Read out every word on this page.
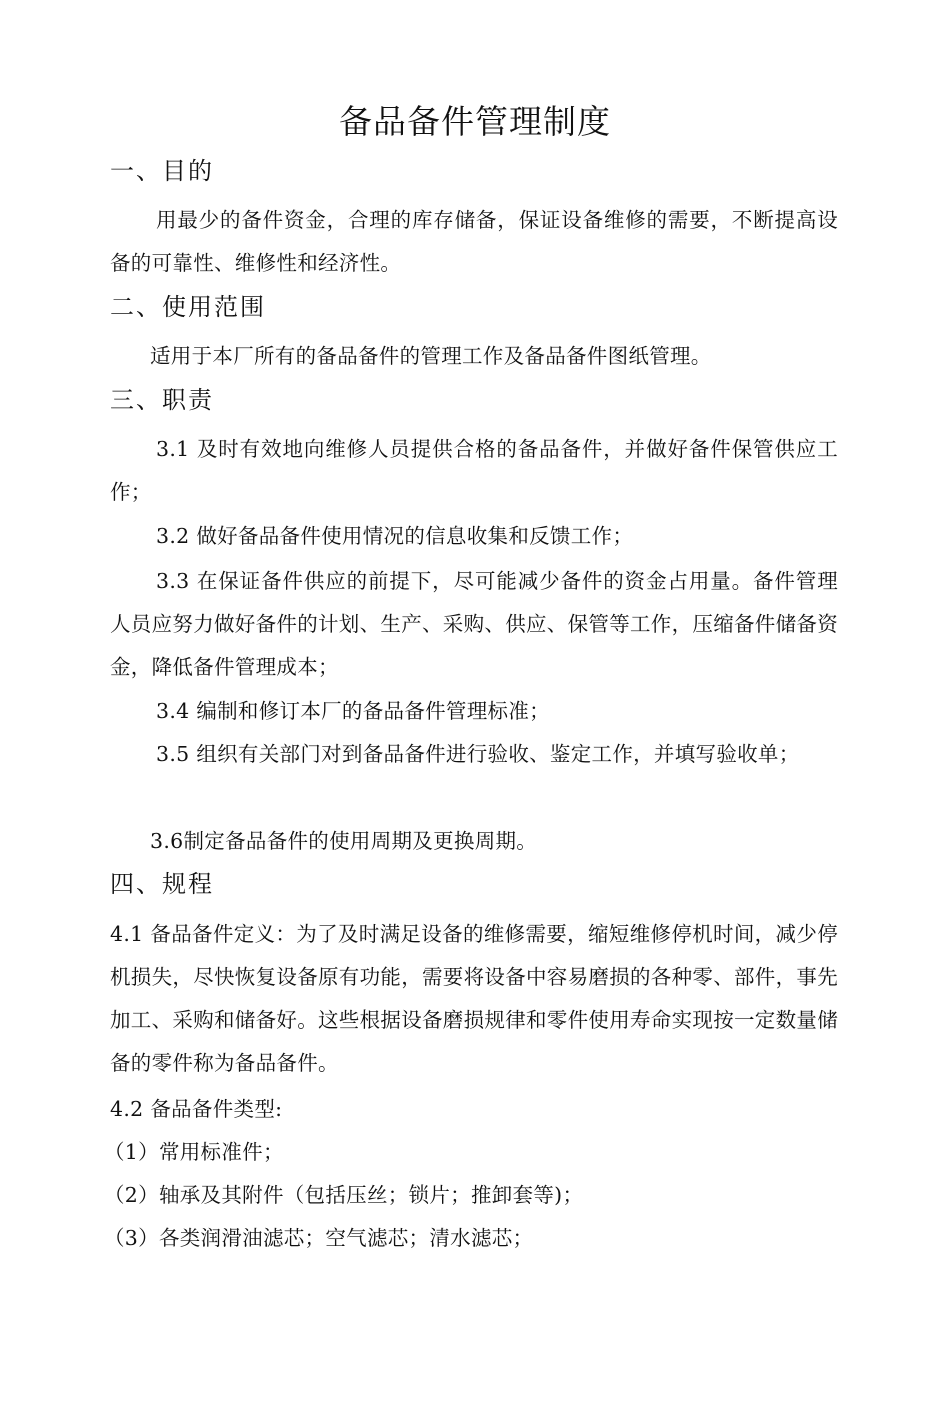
备品备件管理制度
一、目的
用最少的备件资金，合理的库存储备，保证设备维修的需要，不断提高设备的可靠性、维修性和经济性。
二、使用范围
适用于本厂所有的备品备件的管理工作及备品备件图纸管理。
三、职责
3.1 及时有效地向维修人员提供合格的备品备件，并做好备件保管供应工作；
3.2 做好备品备件使用情况的信息收集和反馈工作；
3.3 在保证备件供应的前提下，尽可能减少备件的资金占用量。备件管理人员应努力做好备件的计划、生产、采购、供应、保管等工作，压缩备件储备资金，降低备件管理成本；
3.4 编制和修订本厂的备品备件管理标准；
3.5 组织有关部门对到备品备件进行验收、鉴定工作，并填写验收单；
3.6制定备品备件的使用周期及更换周期。
四、规程
4.1 备品备件定义：为了及时满足设备的维修需要，缩短维修停机时间，减少停机损失，尽快恢复设备原有功能，需要将设备中容易磨损的各种零、部件，事先加工、采购和储备好。这些根据设备磨损规律和零件使用寿命实现按一定数量储备的零件称为备品备件。
4.2 备品备件类型:
（1）常用标准件；
（2）轴承及其附件（包括压丝；锁片；推卸套等)；
（3）各类润滑油滤芯；空气滤芯；清水滤芯；
